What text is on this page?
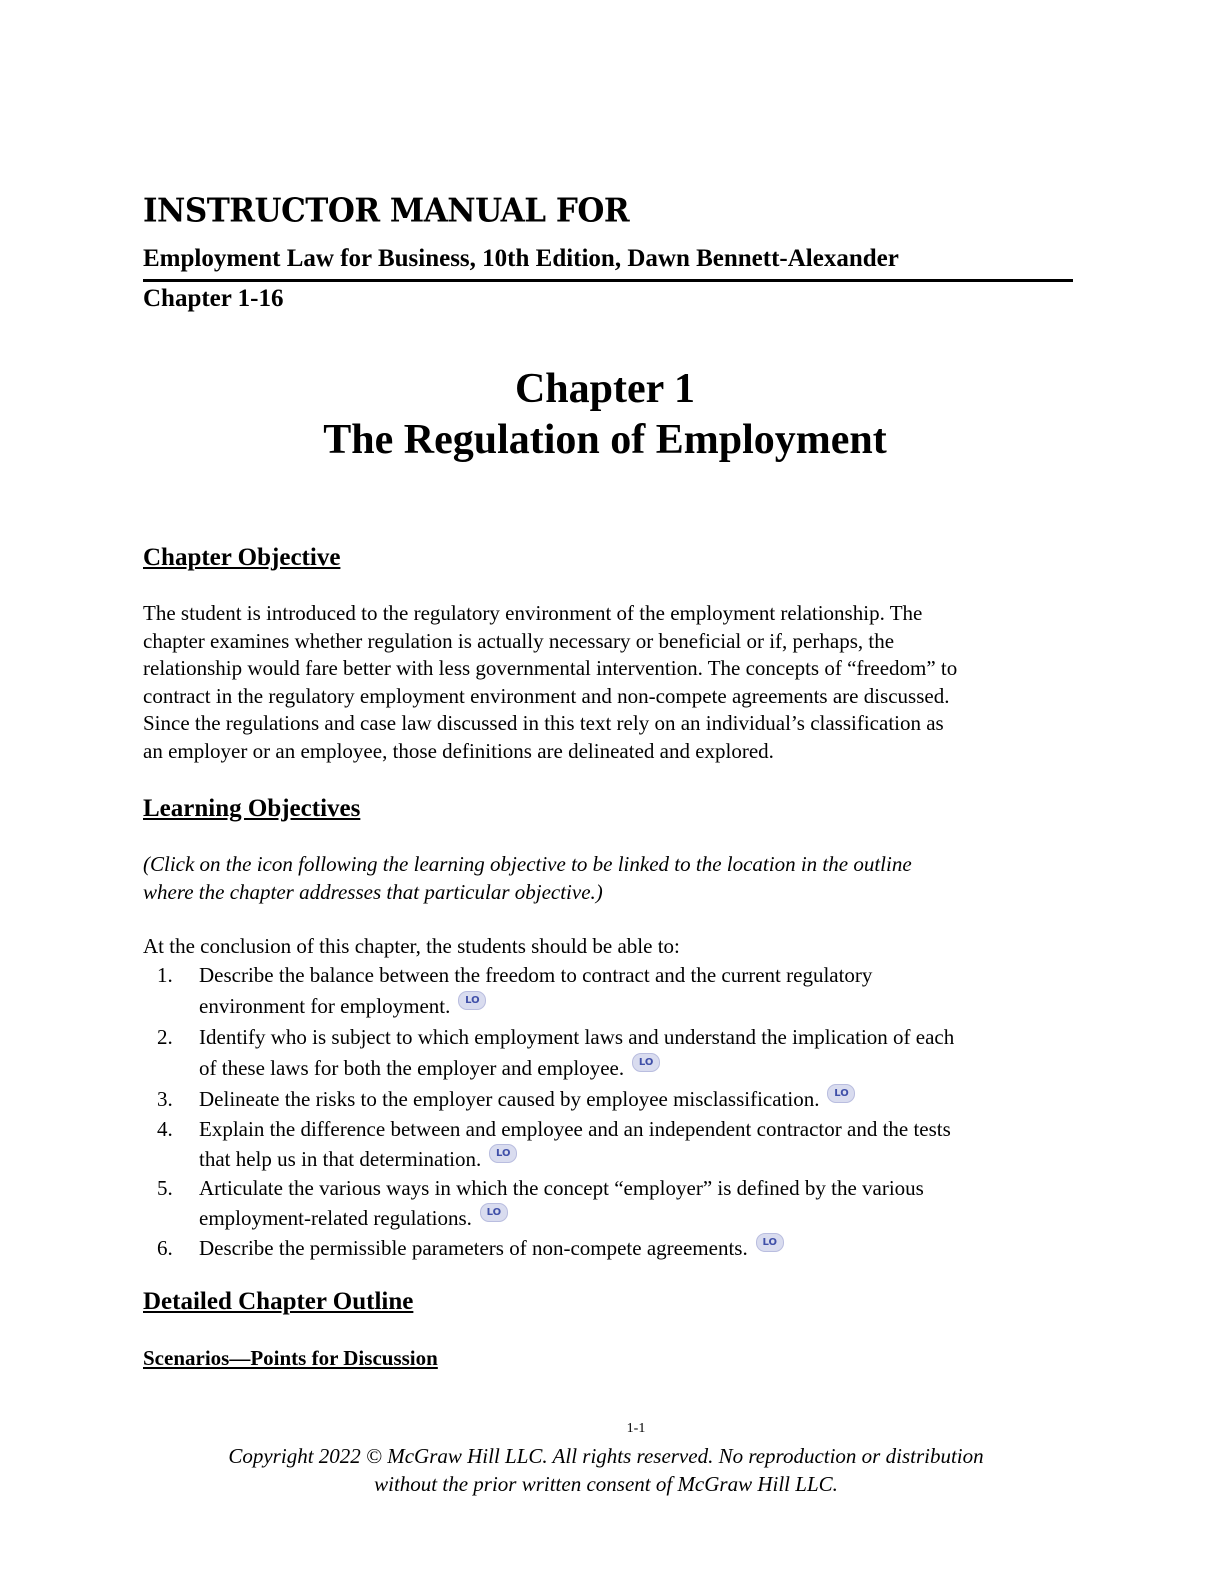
INSTRUCTOR MANUAL FOR
Employment Law for Business, 10th Edition, Dawn Bennett-Alexander
Chapter 1-16
Chapter 1
The Regulation of Employment
Chapter Objective
The student is introduced to the regulatory environment of the employment relationship. The
chapter examines whether regulation is actually necessary or beneficial or if, perhaps, the
relationship would fare better with less governmental intervention. The concepts of “freedom” to
contract in the regulatory employment environment and non-compete agreements are discussed.
Since the regulations and case law discussed in this text rely on an individual’s classification as
an employer or an employee, those definitions are delineated and explored.
Learning Objectives
(Click on the icon following the learning objective to be linked to the location in the outline
where the chapter addresses that particular objective.)
At the conclusion of this chapter, the students should be able to:
1. Describe the balance between the freedom to contract and the current regulatory
environment for employment. LO
2. Identify who is subject to which employment laws and understand the implication of each
of these laws for both the employer and employee. LO
3. Delineate the risks to the employer caused by employee misclassification. LO
4. Explain the difference between and employee and an independent contractor and the tests
that help us in that determination. LO
5. Articulate the various ways in which the concept “employer” is defined by the various
employment-related regulations. LO
6. Describe the permissible parameters of non-compete agreements. LO
Detailed Chapter Outline
Scenarios—Points for Discussion
1-1
Copyright 2022 © McGraw Hill LLC. All rights reserved. No reproduction or distribution
without the prior written consent of McGraw Hill LLC.
